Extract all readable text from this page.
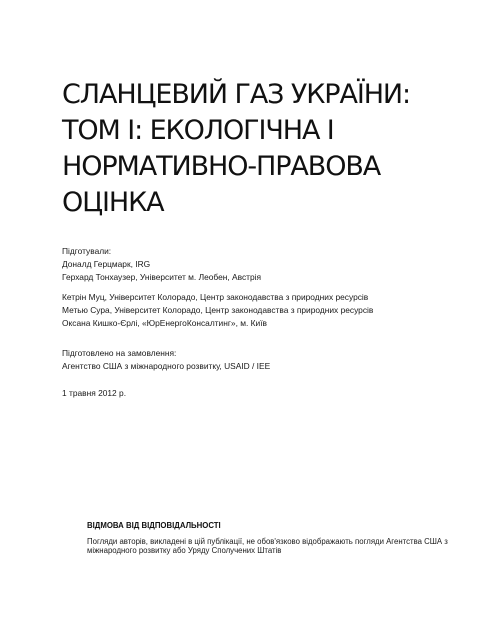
СЛАНЦЕВИЙ ГАЗ УКРАЇНИ:
ТОМ I: ЕКОЛОГІЧНА І
НОРМАТИВНО-ПРАВОВА
ОЦІНКА
Підготували:
Доналд Герцмарк, IRG
Герхард Тонхаузер, Університет м. Леобен, Австрія
Кетрін Муц, Університет Колорадо, Центр законодавства з природних ресурсів
Метью Сура, Університет Колорадо, Центр законодавства з природних ресурсів
Оксана Кишко-Єрлі, «ЮрЕнергоКонсалтинг», м. Київ
Підготовлено на замовлення:
Агентство США з міжнародного розвитку, USAID / IEE
1 травня 2012 р.
ВІДМОВА ВІД ВІДПОВІДАЛЬНОСТІ
Погляди авторів, викладені в цій публікації, не обов'язково відображають погляди Агентства США з
міжнародного розвитку або Уряду Сполучених Штатів
